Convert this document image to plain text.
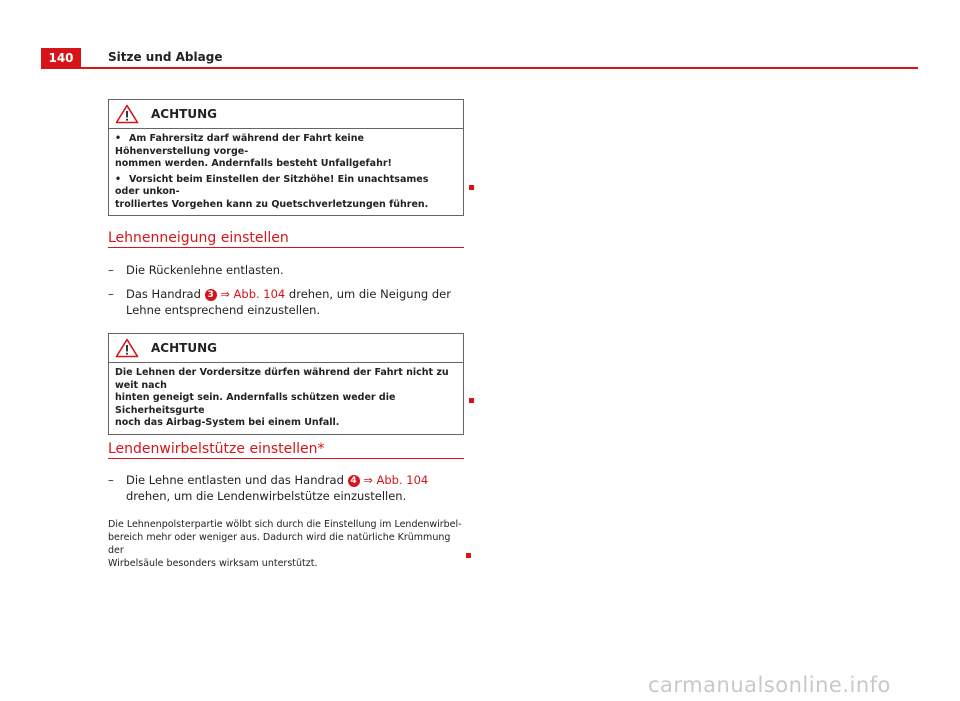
140	Sitze und Ablage
ACHTUNG

• Am Fahrersitz darf während der Fahrt keine Höhenverstellung vorge-
nommen werden. Andernfalls besteht Unfallgefahr!

• Vorsicht beim Einstellen der Sitzhöhe! Ein unachtsames oder unkon-
trolliertes Vorgehen kann zu Quetschverletzungen führen.

Lehnenneigung einstellen
– Die Rückenlehne entlasten.
– Das Handrad 3 ⇒ Abb. 104 drehen, um die Neigung der Lehne entsprechend einzustellen.
ACHTUNG

Die Lehnen der Vordersitze dürfen während der Fahrt nicht zu weit nach
hinten geneigt sein. Andernfalls schützen weder die Sicherheitsgurte
noch das Airbag-System bei einem Unfall.

Lendenwirbelstütze einstellen*
– Die Lehne entlasten und das Handrad 4 ⇒ Abb. 104 drehen, um die Lendenwirbelstütze einzustellen.
Die Lehnenpolsterpartie wölbt sich durch die Einstellung im Lendenwirbel-
bereich mehr oder weniger aus. Dadurch wird die natürliche Krümmung der
Wirbelsäule besonders wirksam unterstützt.
carmanualsonline.info
